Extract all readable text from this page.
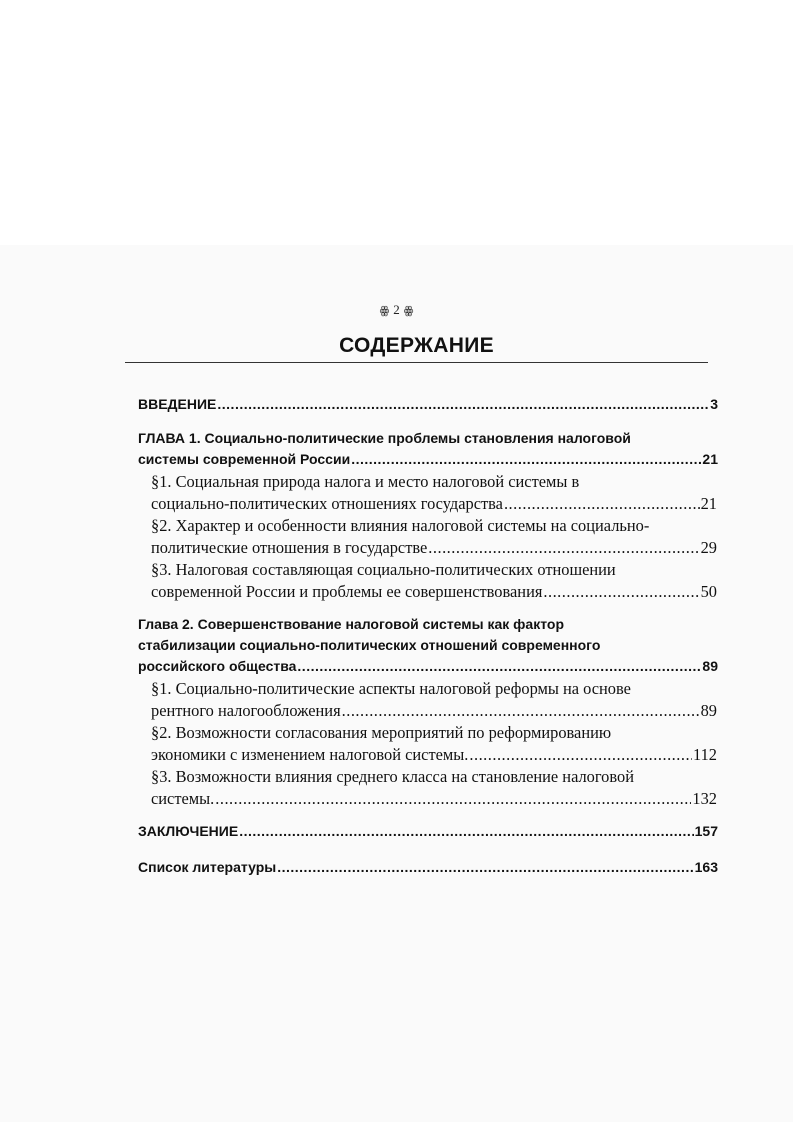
ꙮ 2 ꙮ
СОДЕРЖАНИЕ
ВВЕДЕНИЕ .....	3
ГЛАВА 1. Социально-политические проблемы становления налоговой
системы современной России .....	21
§1. Социальная природа налога и место налоговой системы в
социально-политических отношениях государства .....	21
§2. Характер и особенности влияния налоговой системы на социально-
политические отношения в государстве .....	29
§3. Налоговая составляющая социально-политических отношении
современной России и проблемы ее совершенствования .....	50
Глава 2. Совершенствование налоговой системы как фактор
стабилизации социально-политических отношений современного
российского общества .....	89
§1. Социально-политические аспекты налоговой реформы на основе
рентного налогообложения .....	89
§2. Возможности согласования мероприятий по реформированию
экономики с изменением налоговой системы. .....	112
§3. Возможности влияния среднего класса на становление налоговой
системы. .....	132
ЗАКЛЮЧЕНИЕ .....	157
Список литературы .....	163
